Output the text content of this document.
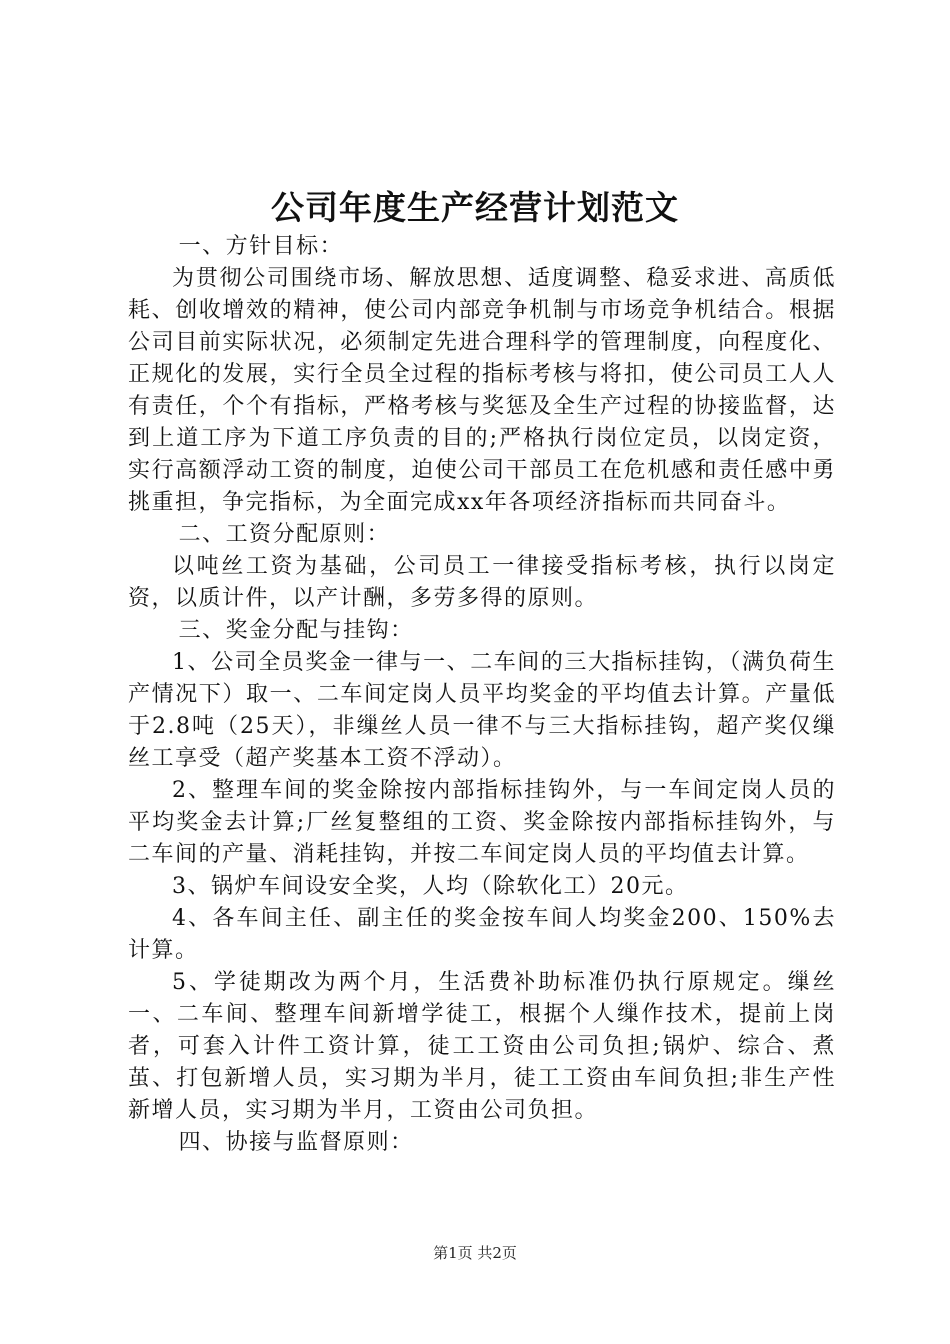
公司年度生产经营计划范文

一、方针目标：

为贯彻公司围绕市场、解放思想、适度调整、稳妥求进、高质低耗、创收增效的精神，使公司内部竞争机制与市场竞争机结合。根据公司目前实际状况，必须制定先进合理科学的管理制度，向程度化、正规化的发展，实行全员全过程的指标考核与将扣，使公司员工人人有责任，个个有指标，严格考核与奖惩及全生产过程的协接监督，达到上道工序为下道工序负责的目的;严格执行岗位定员，以岗定资，实行高额浮动工资的制度，迫使公司干部员工在危机感和责任感中勇挑重担，争完指标，为全面完成xx年各项经济指标而共同奋斗。

二、工资分配原则：

以吨丝工资为基础，公司员工一律接受指标考核，执行以岗定资，以质计件，以产计酬，多劳多得的原则。

三、奖金分配与挂钩：

1、公司全员奖金一律与一、二车间的三大指标挂钩，（满负荷生产情况下）取一、二车间定岗人员平均奖金的平均值去计算。产量低于2.8吨（25天），非缫丝人员一律不与三大指标挂钩，超产奖仅缫丝工享受（超产奖基本工资不浮动）。

2、整理车间的奖金除按内部指标挂钩外，与一车间定岗人员的平均奖金去计算;厂丝复整组的工资、奖金除按内部指标挂钩外，与二车间的产量、消耗挂钩，并按二车间定岗人员的平均值去计算。

3、锅炉车间设安全奖，人均（除软化工）20元。

4、各车间主任、副主任的奖金按车间人均奖金200、150%去计算。

5、学徒期改为两个月，生活费补助标准仍执行原规定。缫丝一、二车间、整理车间新增学徒工，根据个人缫作技术，提前上岗者，可套入计件工资计算，徒工工资由公司负担;锅炉、综合、煮茧、打包新增人员，实习期为半月，徒工工资由车间负担;非生产性新增人员，实习期为半月，工资由公司负担。

四、协接与监督原则：

第1页 共2页
